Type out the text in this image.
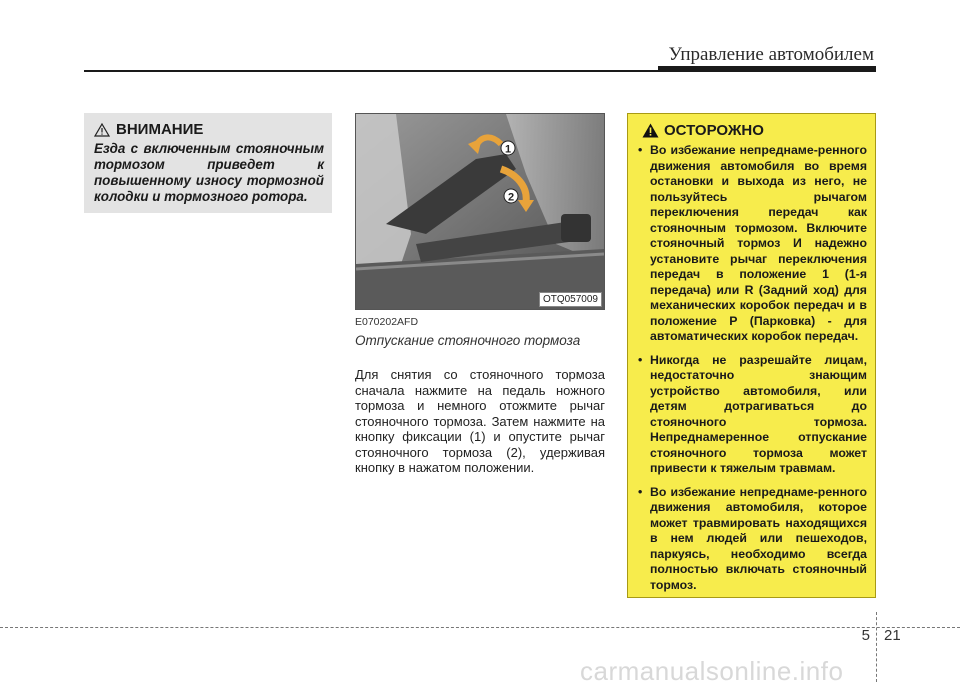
Управление автомобилем
ВНИМАНИЕ

Езда с включенным стояночным тормозом приведет к повышенному износу тормозной колодки и тормозного ротора.

1
2
OTQ057009
E070202AFD
Отпускание стояночного тормоза

Для снятия со стояночного тормоза сначала нажмите на педаль ножного тормоза и немного отожмите рычаг стояночного тормоза. Затем нажмите на кнопку фиксации (1) и опустите рычаг стояночного тормоза (2), удерживая кнопку в нажатом положении.

ОСТОРОЖНО
• Во избежание непреднаме-ренного движения автомобиля во время остановки и выхода из него, не пользуйтесь рычагом переключения передач как стояночным тормозом. Включите стояночный тормоз И надежно установите рычаг переключения передач в положение 1 (1-я передача) или R (Задний ход) для механических коробок передач и в положение P (Парковка) - для автоматических коробок передач.
• Никогда не разрешайте лицам, недостаточно знающим устройство автомобиля, или детям дотрагиваться до стояночного тормоза. Непреднамеренное отпускание стояночного тормоза может привести к тяжелым травмам.
• Во избежание непреднаме-ренного движения автомобиля, которое может травмировать находящихся в нем людей или пешеходов, паркуясь, необходимо всегда полностью включать стояночный тормоз.
5 21
carmanualsonline.info
